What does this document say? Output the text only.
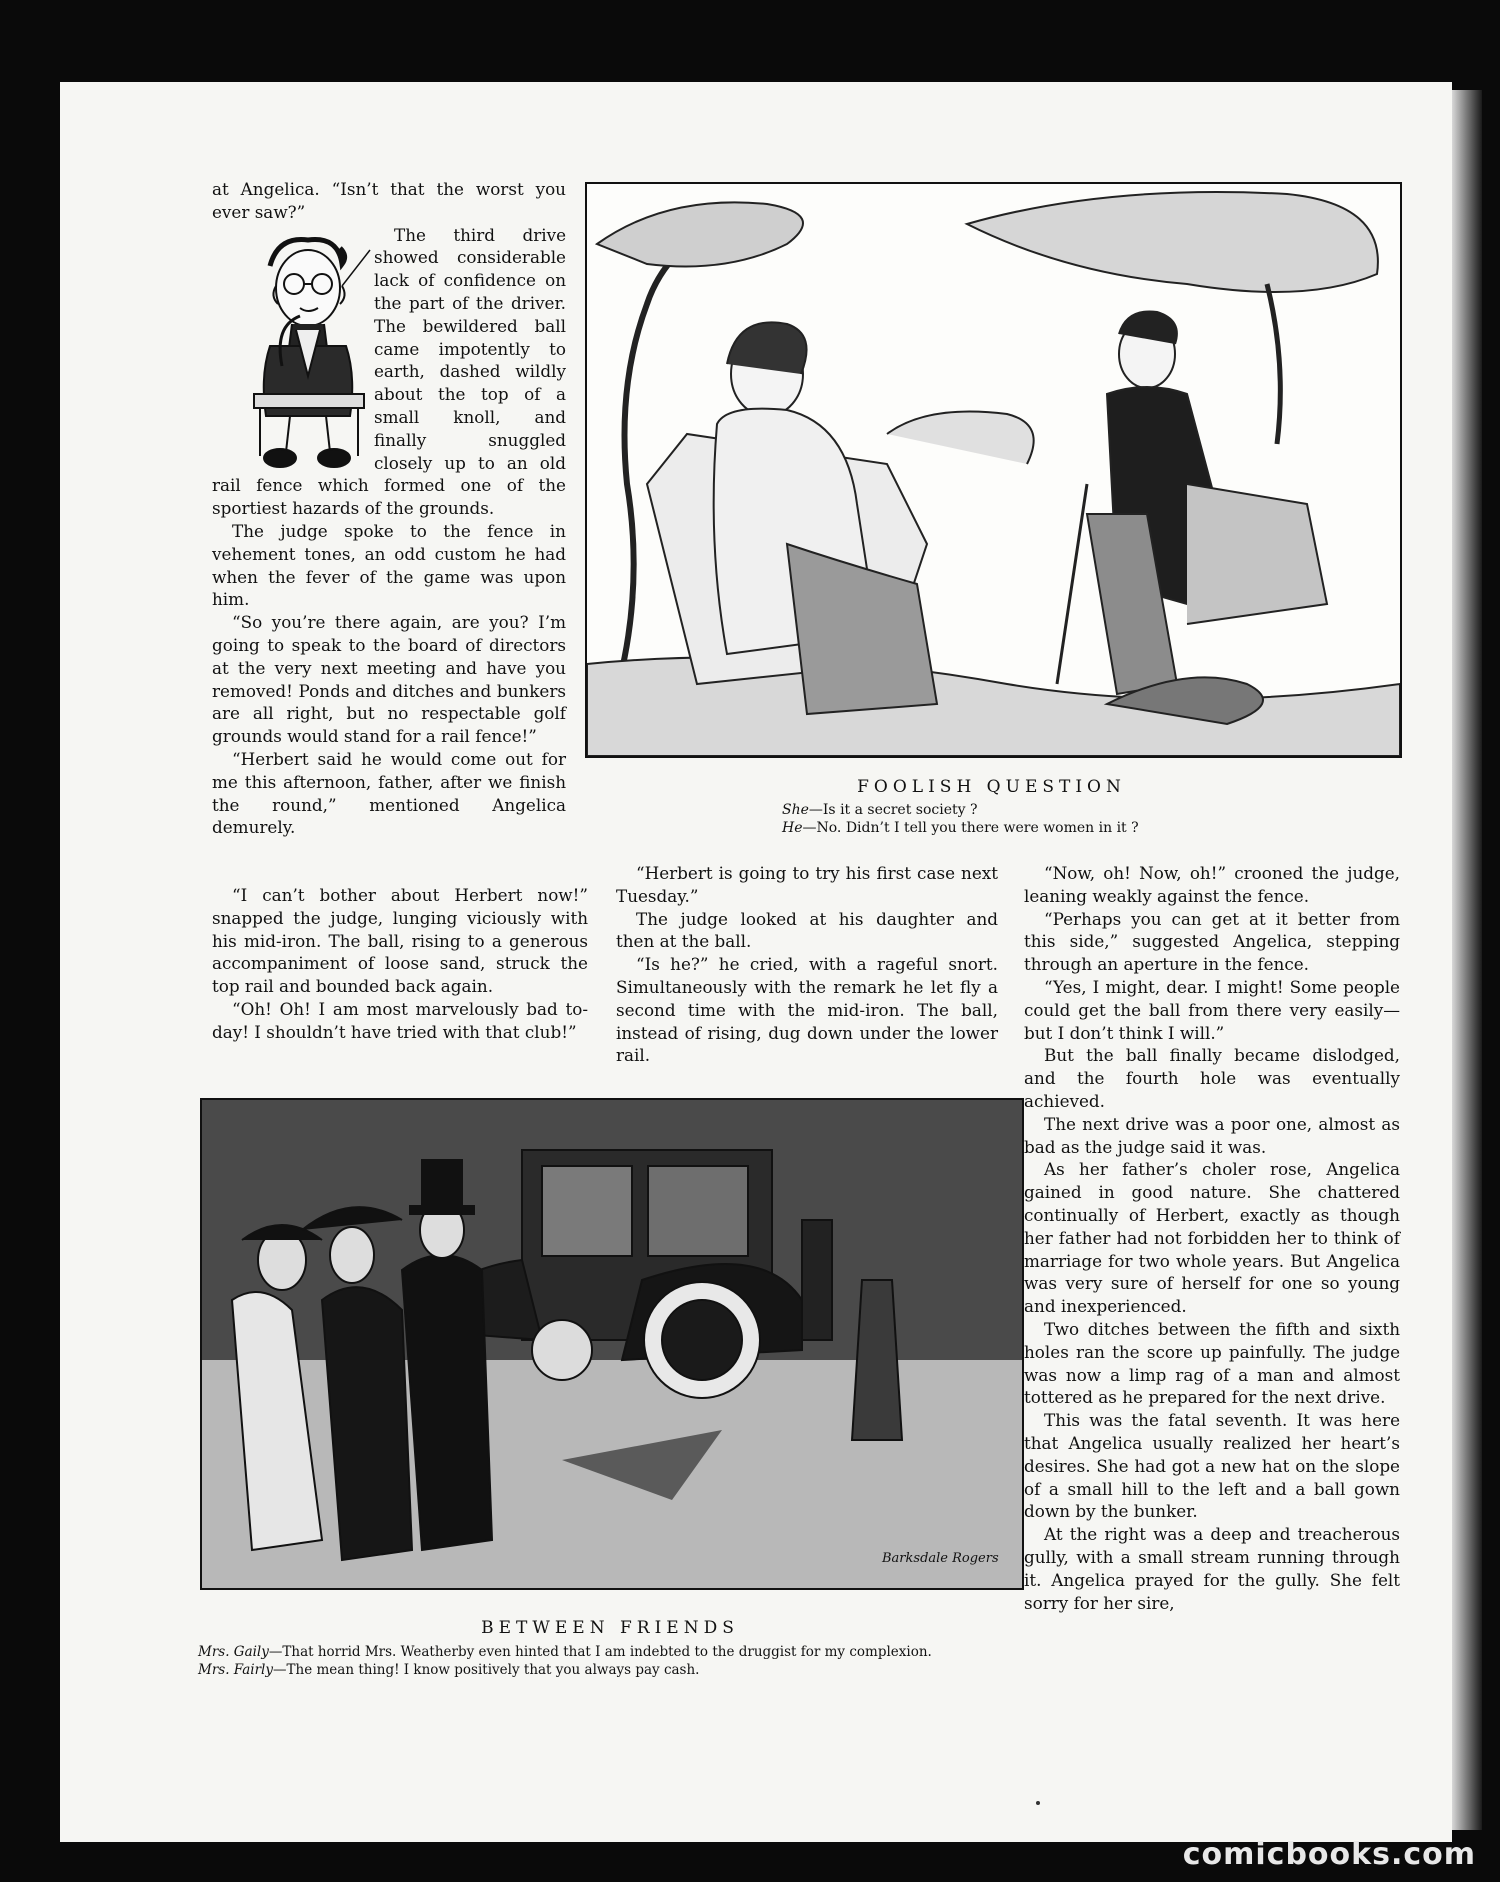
at Angelica. “Isn’t that the worst you ever saw?”

The third drive showed considerable lack of confidence on the part of the driver. The bewildered ball came impotently to earth, dashed wildly about the top of a small knoll, and finally snuggled closely up to an old rail fence which formed one of the sportiest hazards of the grounds.

The judge spoke to the fence in vehement tones, an odd custom he had when the fever of the game was upon him.

“So you’re there again, are you? I’m going to speak to the board of directors at the very next meeting and have you removed! Ponds and ditches and bunkers are all right, but no respectable golf grounds would stand for a rail fence!”

“Herbert said he would come out for me this afternoon, father, after we finish the round,” mentioned Angelica demurely.

“I can’t bother about Herbert now!” snapped the judge, lunging viciously with his mid-iron. The ball, rising to a generous accompaniment of loose sand, struck the top rail and bounded back again.

“Oh! Oh! I am most marvelously bad to-day! I shouldn’t have tried with that club!”

“Herbert is going to try his first case next Tuesday.”

The judge looked at his daughter and then at the ball.

“Is he?” he cried, with a rageful snort. Simultaneously with the remark he let fly a second time with the mid-iron. The ball, instead of rising, dug down under the lower rail.

“Now, oh! Now, oh!” crooned the judge, leaning weakly against the fence.

“Perhaps you can get at it better from this side,” suggested Angelica, stepping through an aperture in the fence.

“Yes, I might, dear. I might! Some people could get the ball from there very easily—but I don’t think I will.”

But the ball finally became dislodged, and the fourth hole was eventually achieved.

The next drive was a poor one, almost as bad as the judge said it was.

As her father’s choler rose, Angelica gained in good nature. She chattered continually of Herbert, exactly as though her father had not forbidden her to think of marriage for two whole years. But Angelica was very sure of herself for one so young and inexperienced.

Two ditches between the fifth and sixth holes ran the score up painfully. The judge was now a limp rag of a man and almost tottered as he prepared for the next drive.

This was the fatal seventh. It was here that Angelica usually realized her heart’s desires. She had got a new hat on the slope of a small hill to the left and a ball gown down by the bunker.

At the right was a deep and treacherous gully, with a small stream running through it. Angelica prayed for the gully. She felt sorry for her sire,

FOOLISH QUESTION
She—Is it a secret society ?
He—No. Didn’t I tell you there were women in it ?
Barksdale Rogers
BETWEEN FRIENDS
Mrs. Gaily—That horrid Mrs. Weatherby even hinted that I am indebted to the druggist for my complexion.
Mrs. Fairly—The mean thing! I know positively that you always pay cash.
comicbooks.com
